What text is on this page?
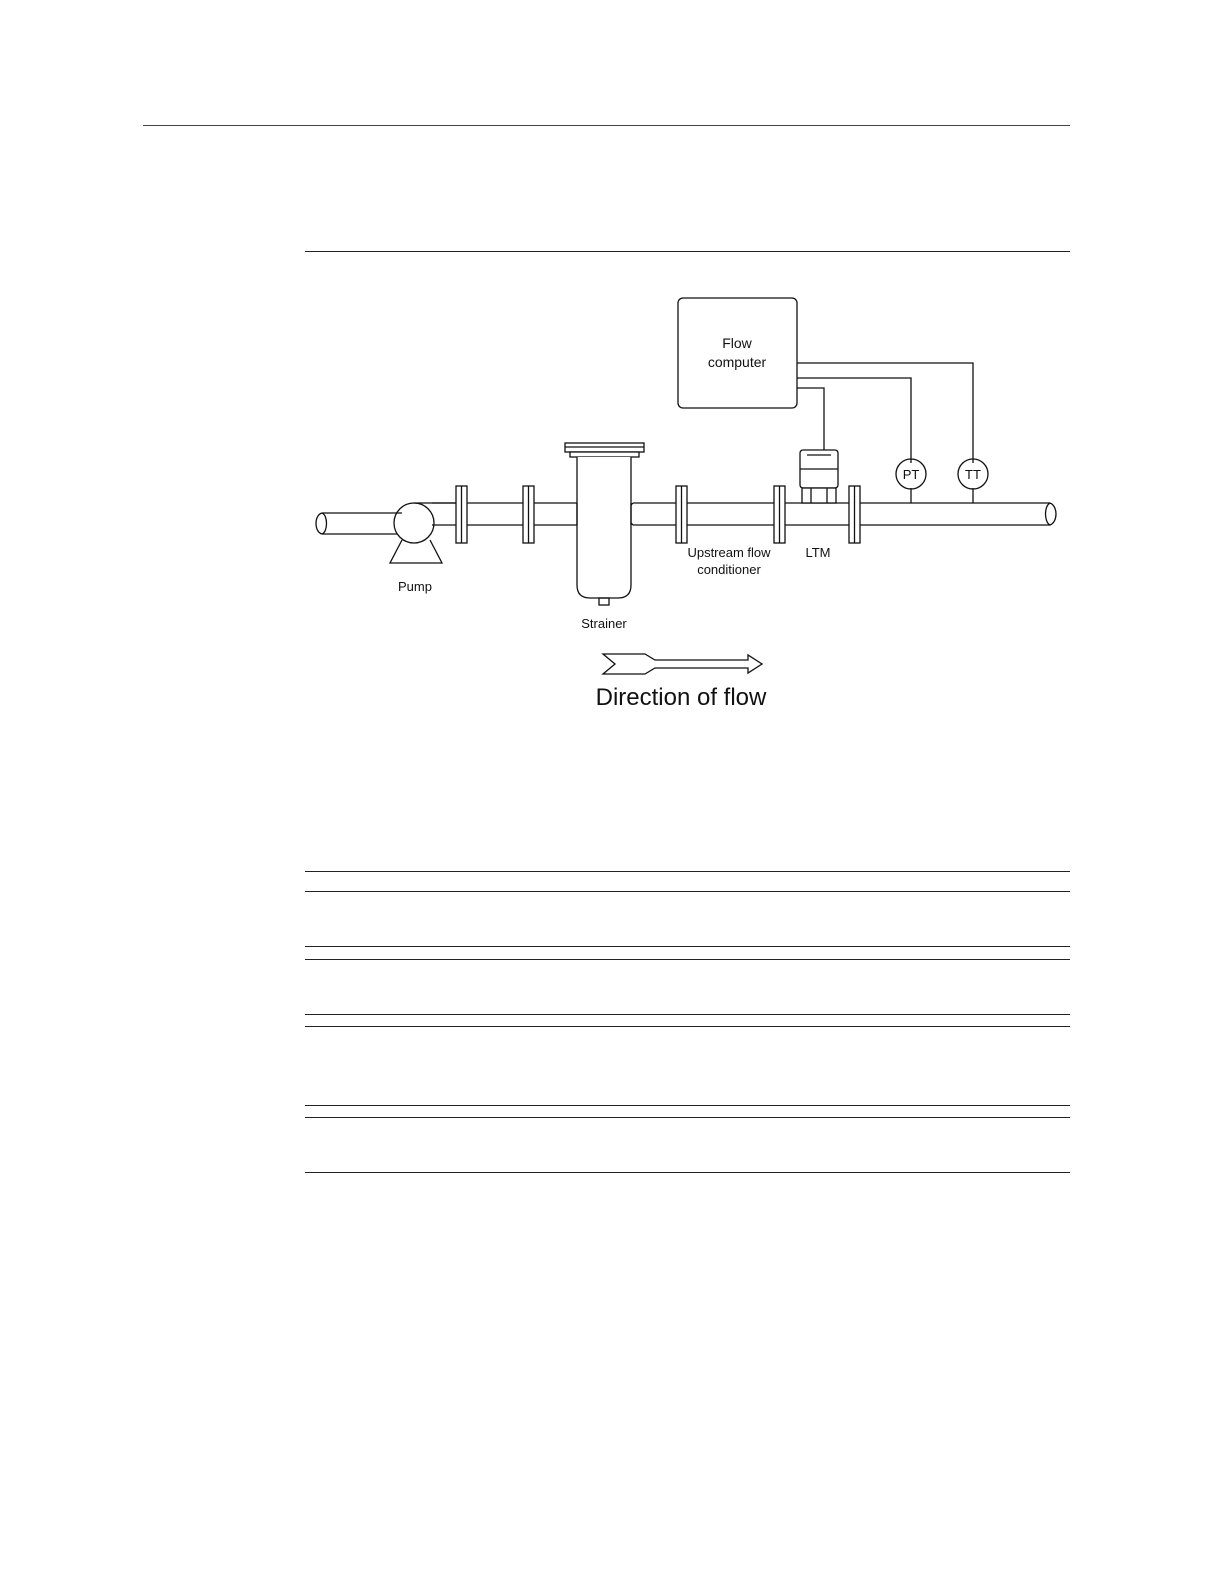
Flow
computer
PT	TT
Pump
Strainer
Upstream flow
conditioner
LTM
Direction of flow
